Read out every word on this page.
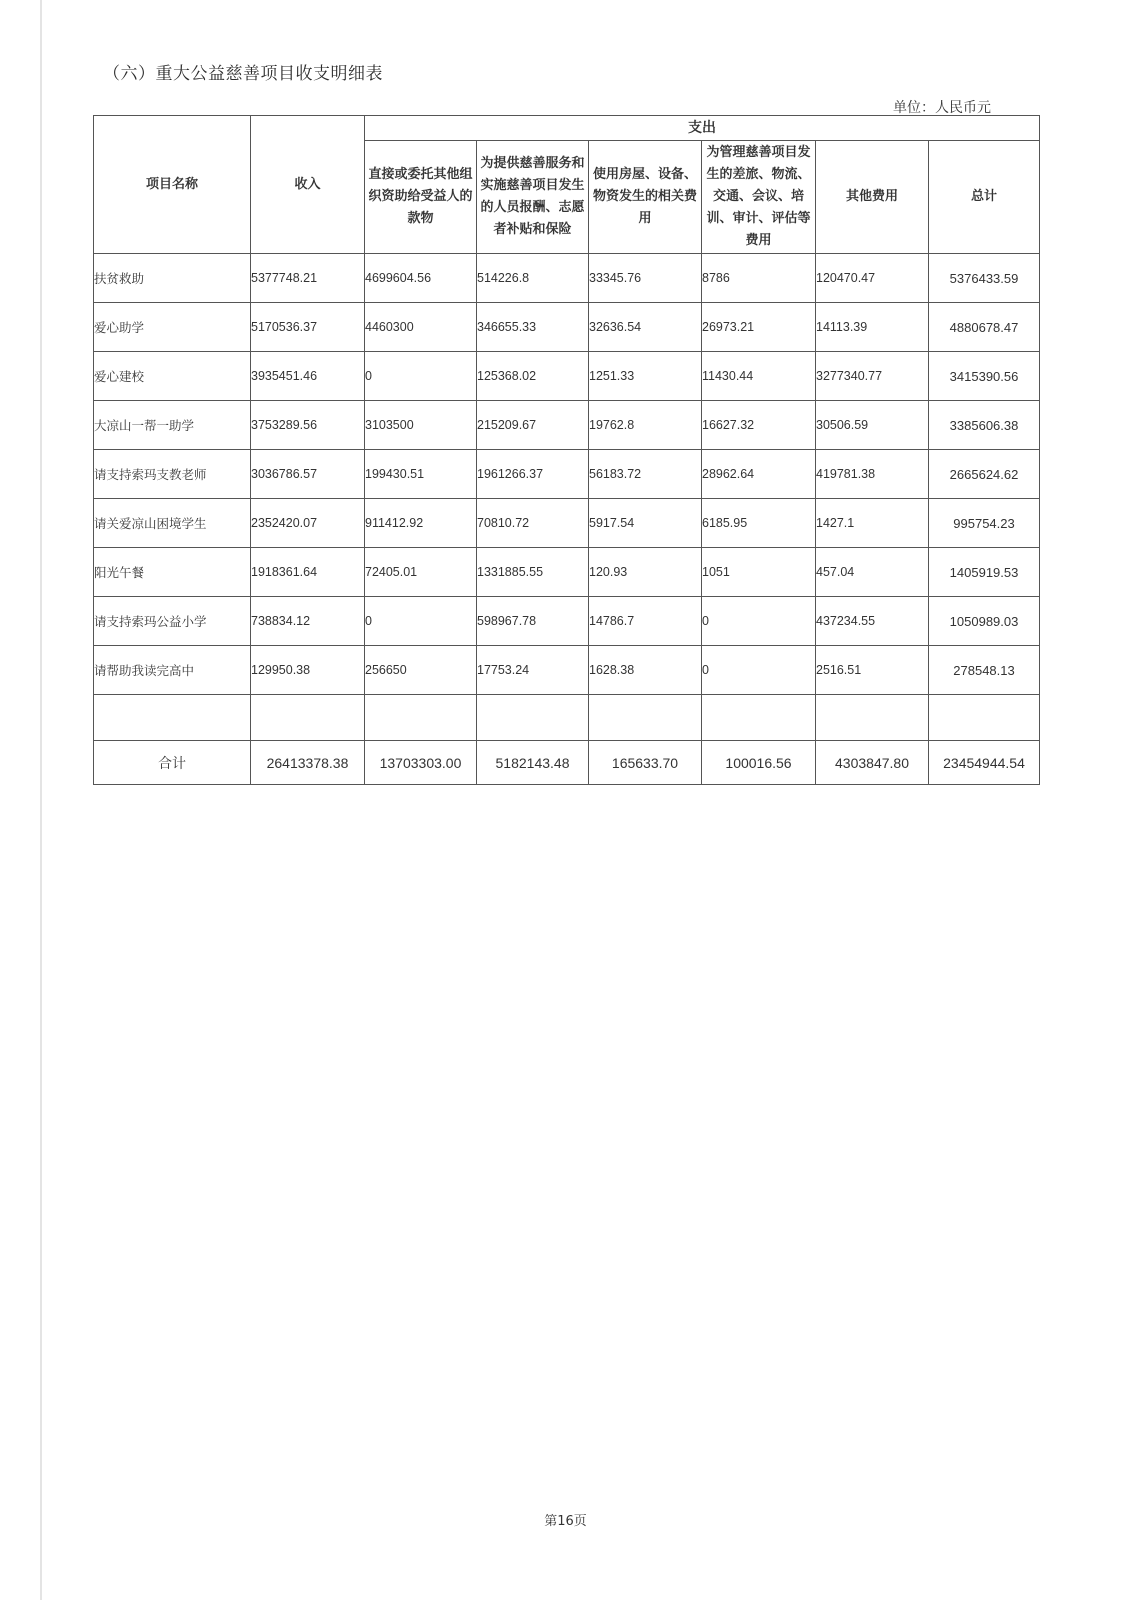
（六）重大公益慈善项目收支明细表
单位：人民币元
项目名称	收入	支出					
		直接或委托其他组织资助给受益人的款物	为提供慈善服务和实施慈善项目发生的人员报酬、志愿者补贴和保险	使用房屋、设备、物资发生的相关费用	为管理慈善项目发生的差旅、物流、交通、会议、培训、审计、评估等费用	其他费用	总计
扶贫救助	5377748.21	4699604.56	514226.8	33345.76	8786	120470.47	5376433.59
爱心助学	5170536.37	4460300	346655.33	32636.54	26973.21	14113.39	4880678.47
爱心建校	3935451.46	0	125368.02	1251.33	11430.44	3277340.77	3415390.56
大凉山一帮一助学	3753289.56	3103500	215209.67	19762.8	16627.32	30506.59	3385606.38
请支持索玛支教老师	3036786.57	199430.51	1961266.37	56183.72	28962.64	419781.38	2665624.62
请关爱凉山困境学生	2352420.07	911412.92	70810.72	5917.54	6185.95	1427.1	995754.23
阳光午餐	1918361.64	72405.01	1331885.55	120.93	1051	457.04	1405919.53
请支持索玛公益小学	738834.12	0	598967.78	14786.7	0	437234.55	1050989.03
请帮助我读完高中	129950.38	256650	17753.24	1628.38	0	2516.51	278548.13

合计	26413378.38	13703303.00	5182143.48	165633.70	100016.56	4303847.80	23454944.54
第16页
